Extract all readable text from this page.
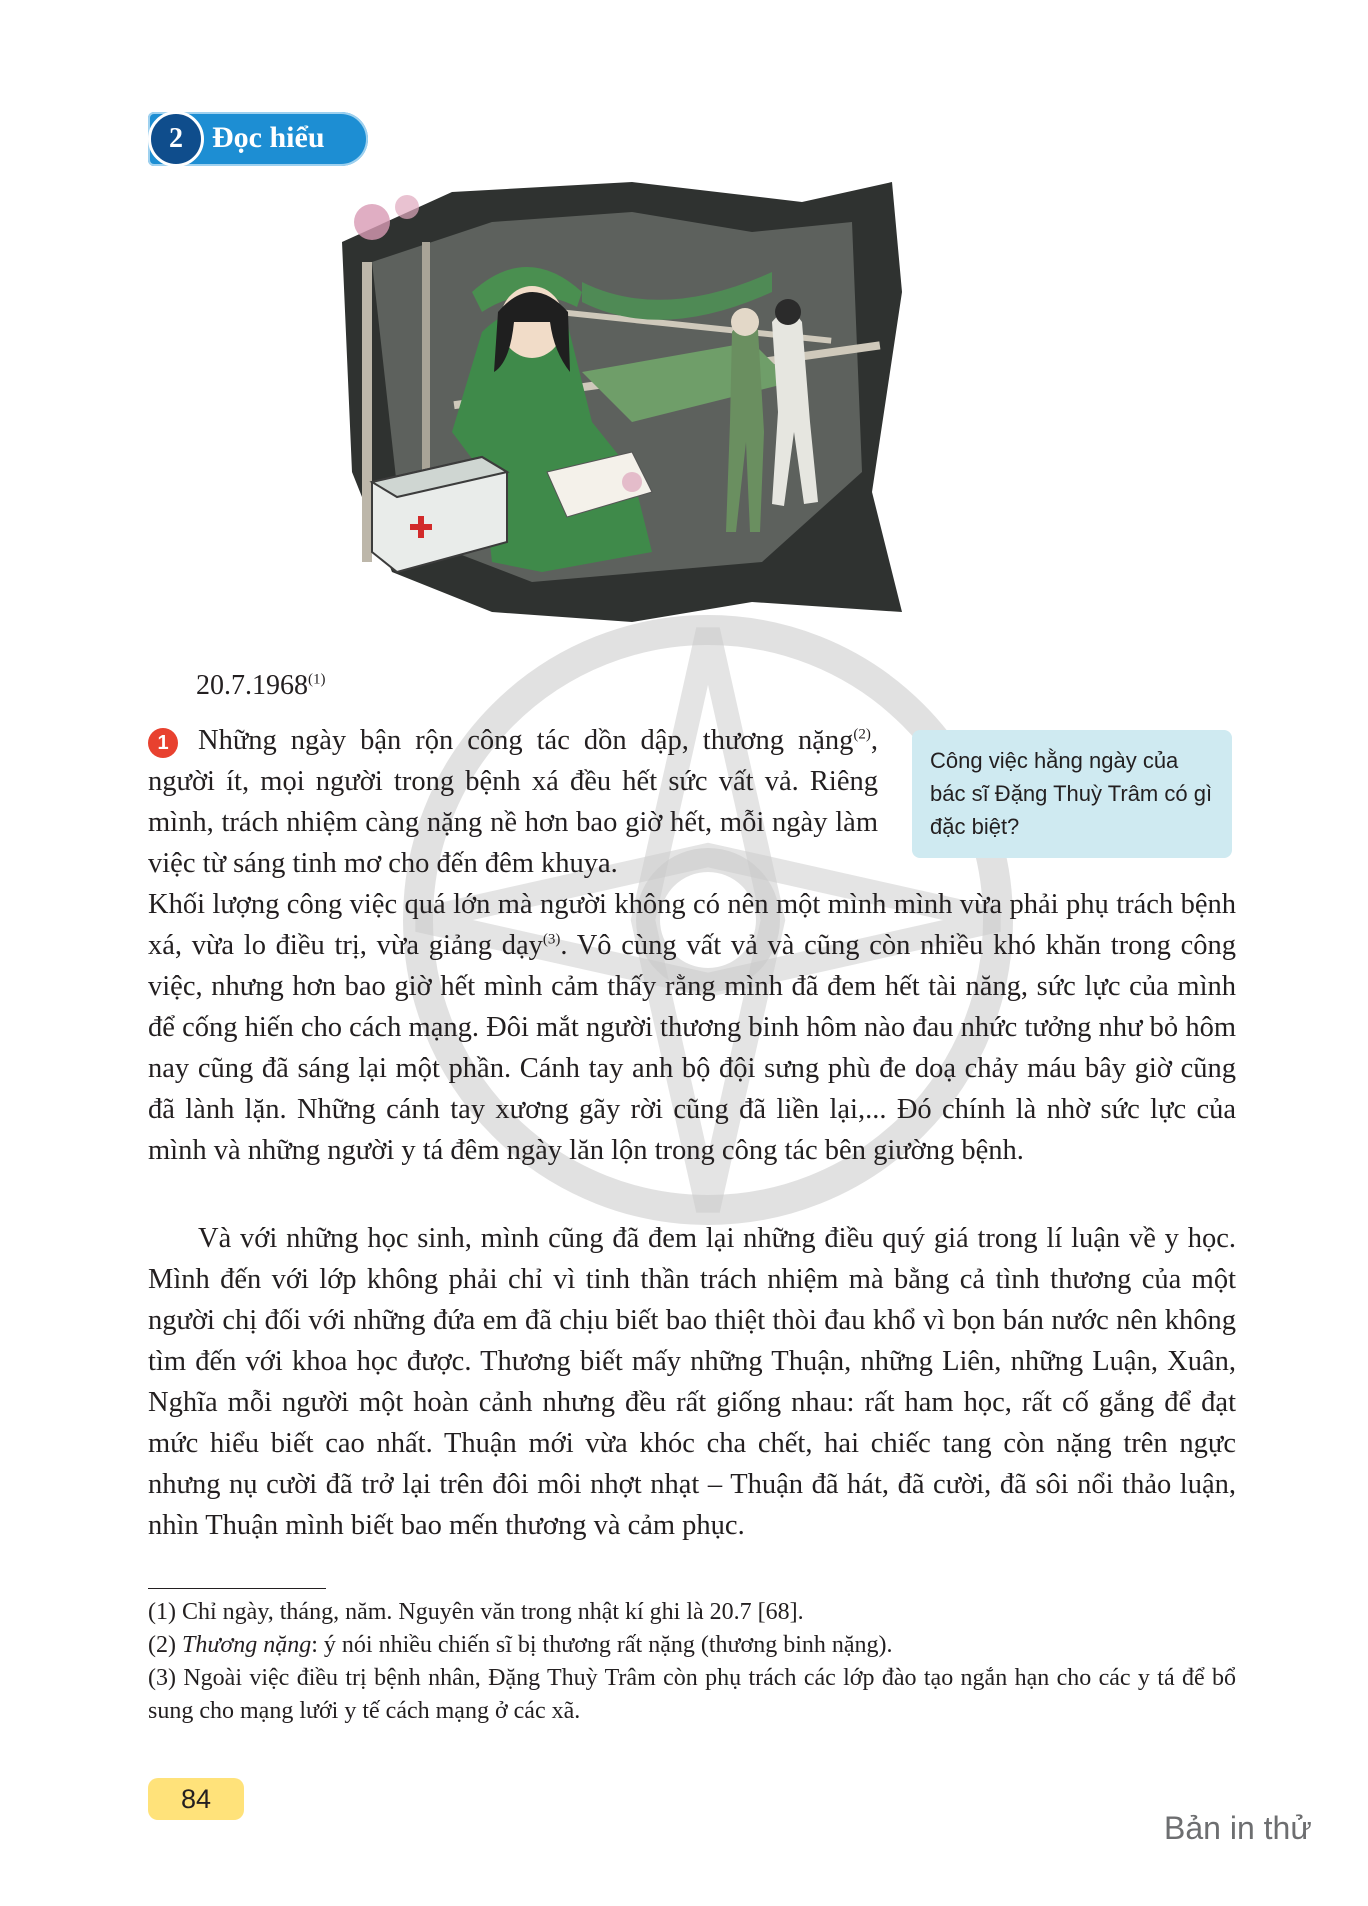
2 Đọc hiểu
20.7.1968$^{(1)}$
1	Những ngày bận rộn công tác dồn dập, thương nặng$^{(2)}$, người ít, mọi người trong bệnh xá đều hết sức vất vả. Riêng mình, trách nhiệm càng nặng nề hơn bao giờ hết, mỗi ngày làm việc từ sáng tinh mơ cho đến đêm khuya.

Công việc hằng ngày của bác sĩ Đặng Thuỳ Trâm có gì đặc biệt?

Khối lượng công việc quá lớn mà người không có nên một mình mình vừa phải phụ trách bệnh xá, vừa lo điều trị, vừa giảng dạy$^{(3)}$. Vô cùng vất vả và cũng còn nhiều khó khăn trong công việc, nhưng hơn bao giờ hết mình cảm thấy rằng mình đã đem hết tài năng, sức lực của mình để cống hiến cho cách mạng. Đôi mắt người thương binh hôm nào đau nhức tưởng như bỏ hôm nay cũng đã sáng lại một phần. Cánh tay anh bộ đội sưng phù đe doạ chảy máu bây giờ cũng đã lành lặn. Những cánh tay xương gãy rời cũng đã liền lại,... Đó chính là nhờ sức lực của mình và những người y tá đêm ngày lăn lộn trong công tác bên giường bệnh.

Và với những học sinh, mình cũng đã đem lại những điều quý giá trong lí luận về y học. Mình đến với lớp không phải chỉ vì tinh thần trách nhiệm mà bằng cả tình thương của một người chị đối với những đứa em đã chịu biết bao thiệt thòi đau khổ vì bọn bán nước nên không tìm đến với khoa học được. Thương biết mấy những Thuận, những Liên, những Luận, Xuân, Nghĩa mỗi người một hoàn cảnh nhưng đều rất giống nhau: rất ham học, rất cố gắng để đạt mức hiểu biết cao nhất. Thuận mới vừa khóc cha chết, hai chiếc tang còn nặng trên ngực nhưng nụ cười đã trở lại trên đôi môi nhợt nhạt – Thuận đã hát, đã cười, đã sôi nổi thảo luận, nhìn Thuận mình biết bao mến thương và cảm phục.

(1) Chỉ ngày, tháng, năm. Nguyên văn trong nhật kí ghi là 20.7 [68].

(2) Thương nặng: ý nói nhiều chiến sĩ bị thương rất nặng (thương binh nặng).

(3) Ngoài việc điều trị bệnh nhân, Đặng Thuỳ Trâm còn phụ trách các lớp đào tạo ngắn hạn cho các y tá để bổ sung cho mạng lưới y tế cách mạng ở các xã.

84
Bản in thử
